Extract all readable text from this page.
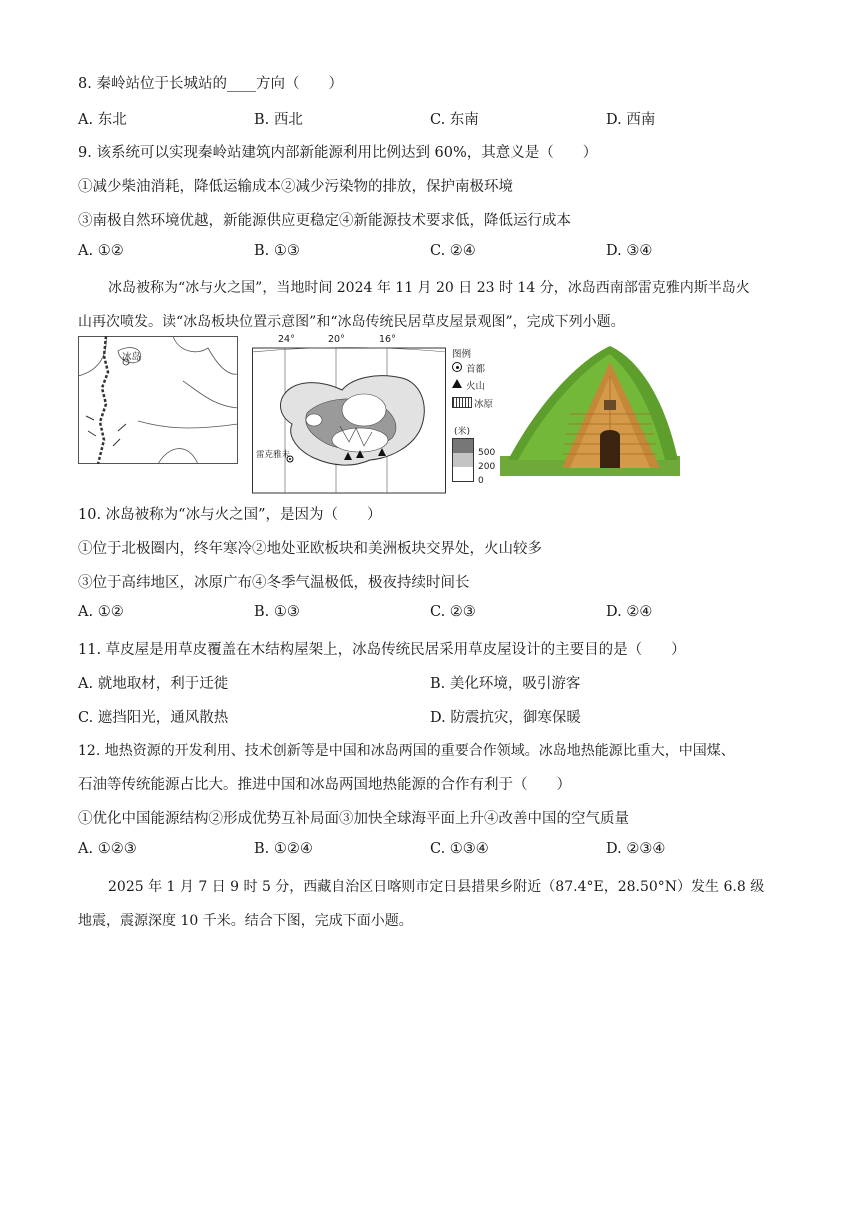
8. 秦岭站位于长城站的____方向（　　）
A. 东北	B. 西北	C. 东南	D. 西南
9. 该系统可以实现秦岭站建筑内部新能源利用比例达到 60%，其意义是（　　）
①减少柴油消耗，降低运输成本②减少污染物的排放，保护南极环境
③南极自然环境优越，新能源供应更稳定④新能源技术要求低，降低运行成本
A. ①②	B. ①③	C. ②④	D. ③④
冰岛被称为“冰与火之国”，当地时间 2024 年 11 月 20 日 23 时 14 分，冰岛西南部雷克雅内斯半岛火
山再次喷发。读“冰岛板块位置示意图”和“冰岛传统民居草皮屋景观图”，完成下列小题。
冰岛
24°	20°	16°
雷克雅未
图例
首都
火山
冰原
(米)
500
200
0
10. 冰岛被称为“冰与火之国”，是因为（　　）
①位于北极圈内，终年寒冷②地处亚欧板块和美洲板块交界处，火山较多
③位于高纬地区，冰原广布④冬季气温极低，极夜持续时间长
A. ①②	B. ①③	C. ②③	D. ②④
11. 草皮屋是用草皮覆盖在木结构屋架上，冰岛传统民居采用草皮屋设计的主要目的是（　　）
A. 就地取材，利于迁徙	B. 美化环境，吸引游客
C. 遮挡阳光，通风散热	D. 防震抗灾，御寒保暖
12. 地热资源的开发利用、技术创新等是中国和冰岛两国的重要合作领域。冰岛地热能源比重大，中国煤、
石油等传统能源占比大。推进中国和冰岛两国地热能源的合作有利于（　　）
①优化中国能源结构②形成优势互补局面③加快全球海平面上升④改善中国的空气质量
A. ①②③	B. ①②④	C. ①③④	D. ②③④
2025 年 1 月 7 日 9 时 5 分，西藏自治区日喀则市定日县措果乡附近（87.4°E，28.50°N）发生 6.8 级
地震，震源深度 10 千米。结合下图，完成下面小题。
